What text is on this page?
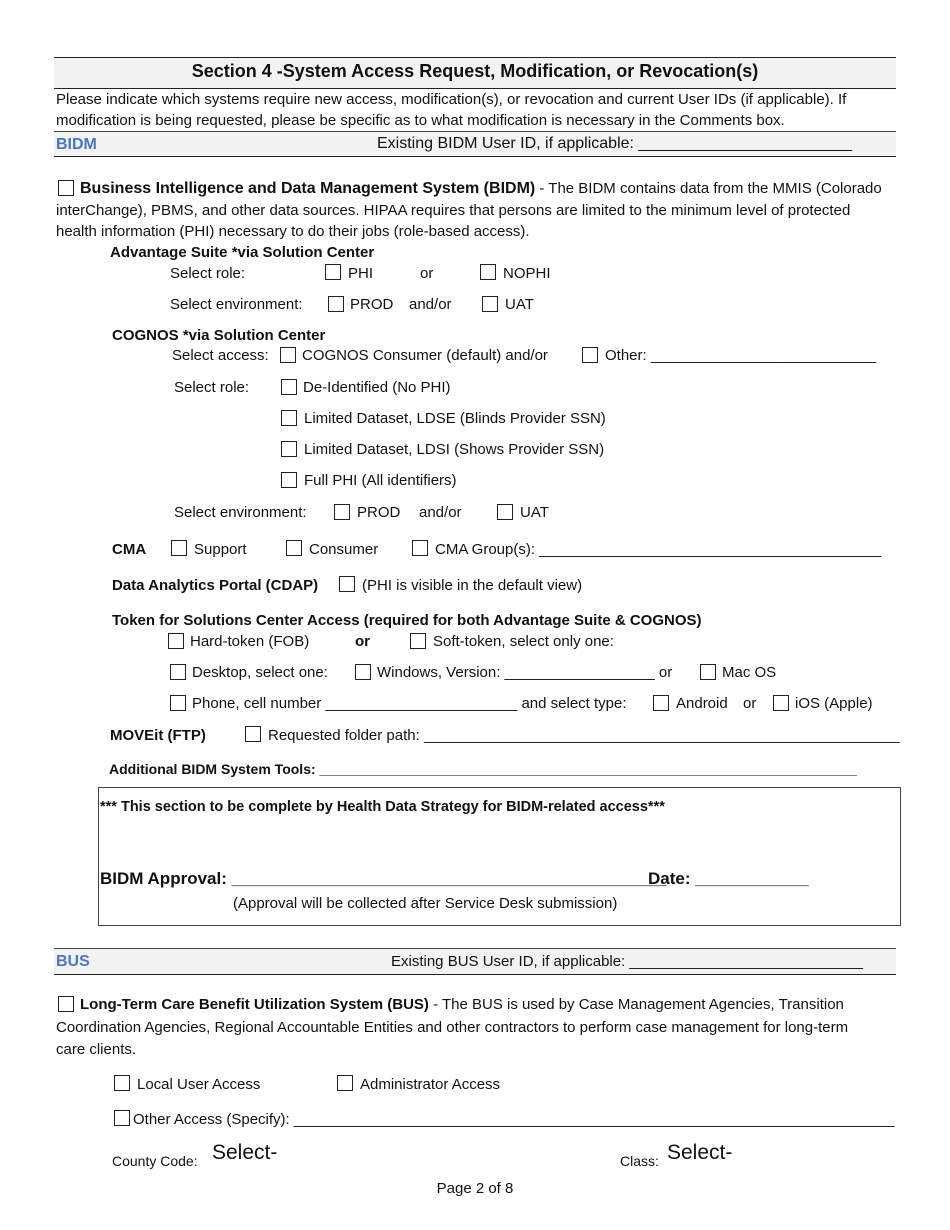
Section 4 -System Access Request, Modification, or Revocation(s)
Please indicate which systems require new access, modification(s), or revocation and current User IDs (if applicable). If
modification is being requested, please be specific as to what modification is necessary in the Comments box.
BIDM	Existing BIDM User ID, if applicable: ________________________
Business Intelligence and Data Management System (BIDM) - The BIDM contains data from the MMIS (Colorado
interChange), PBMS, and other data sources. HIPAA requires that persons are limited to the minimum level of protected
health information (PHI) necessary to do their jobs (role-based access).
Advantage Suite *via Solution Center
Select role:	PHI	or	NOPHI
Select environment:	PROD and/or	UAT
COGNOS *via Solution Center
Select access: COGNOS Consumer (default) and/or	Other: ___________________________
Select role:	De-Identified (No PHI)
Limited Dataset, LDSE (Blinds Provider SSN)
Limited Dataset, LDSI (Shows Provider SSN)
Full PHI (All identifiers)
Select environment:	PROD and/or	UAT
CMA	Support	Consumer	CMA Group(s): _________________________________________
Data Analytics Portal (CDAP)	(PHI is visible in the default view)
Token for Solutions Center Access (required for both Advantage Suite & COGNOS)
Hard-token (FOB)	or	Soft-token, select only one:
Desktop, select one:	Windows, Version: __________________ or	Mac OS
Phone, cell number _______________________ and select type:	Android or	iOS (Apple)
MOVEit (FTP)	Requested folder path: _________________________________________________________
Additional BIDM System Tools: _____________________________________________________________________
*** This section to be complete by Health Data Strategy for BIDM-related access***
BIDM Approval: ______________________________________________
Date: ____________
(Approval will be collected after Service Desk submission)
BUS	Existing BUS User ID, if applicable: ____________________________
Long-Term Care Benefit Utilization System (BUS) - The BUS is used by Case Management Agencies, Transition
Coordination Agencies, Regional Accountable Entities and other contractors to perform case management for long-term
care clients.
Local User Access	Administrator Access
Other Access (Specify): ________________________________________________________________________
County Code: Select-	Class: Select-
Page 2 of 8
